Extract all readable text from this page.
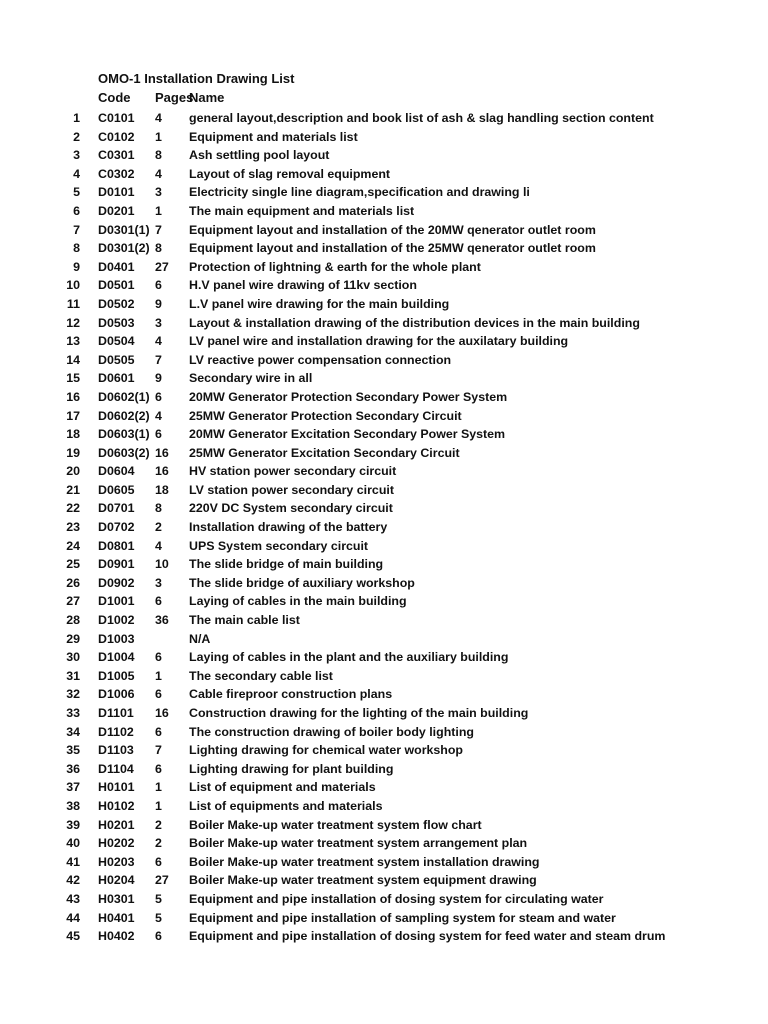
OMO-1 Installation Drawing List
Code Pages
Name
1 C0101 4 general layout,description and book list of ash & slag handling section content
2 C0102 1 Equipment and materials list
3 C0301 8 Ash settling pool layout
4 C0302 4 Layout of slag removal equipment
5 D0101 3 Electricity single line diagram,specification and drawing li
6 D0201 1 The main equipment and materials list
7 D0301(1) 7 Equipment layout and installation of the 20MW qenerator outlet room
8 D0301(2) 8 Equipment layout and installation of the 25MW qenerator outlet room
9 D0401 27 Protection of lightning & earth for the whole plant
10 D0501 6 H.V panel wire drawing of 11kv section
11 D0502 9 L.V panel wire drawing for the main building
12 D0503 3 Layout & installation drawing of the distribution devices in the main building
13 D0504 4 LV panel wire and installation drawing for the auxilatary building
14 D0505 7 LV reactive power compensation connection
15 D0601 9 Secondary wire in all
16 D0602(1) 6 20MW Generator Protection Secondary Power System
17 D0602(2) 4 25MW Generator Protection Secondary Circuit
18 D0603(1) 6 20MW Generator Excitation Secondary Power System
19 D0603(2) 16 25MW Generator Excitation Secondary Circuit
20 D0604 16 HV station power secondary circuit
21 D0605 18 LV station power secondary circuit
22 D0701 8 220V DC System secondary circuit
23 D0702 2 Installation drawing of the battery
24 D0801 4 UPS System secondary circuit
25 D0901 10 The slide bridge of main building
26 D0902 3 The slide bridge of auxiliary workshop
27 D1001 6 Laying of cables in the main building
28 D1002 36 The main cable list
29 D1003	N/A
30 D1004 6 Laying of cables in the plant and the auxiliary building
31 D1005 1 The secondary cable list
32 D1006 6 Cable fireproor construction plans
33 D1101 16 Construction drawing for the lighting of the main building
34 D1102 6 The construction drawing of boiler body lighting
35 D1103 7 Lighting drawing for chemical water workshop
36 D1104 6 Lighting drawing for plant building
37 H0101 1 List of equipment and materials
38 H0102 1 List of equipments and materials
39 H0201 2 Boiler Make-up water treatment system flow chart
40 H0202 2 Boiler Make-up water treatment system arrangement plan
41 H0203 6 Boiler Make-up water treatment system installation drawing
42 H0204 27 Boiler Make-up water treatment system equipment drawing
43 H0301 5 Equipment and pipe installation of dosing system for circulating water
44 H0401 5 Equipment and pipe installation of sampling system for steam and water
45 H0402 6 Equipment and pipe installation of dosing system for feed water and steam drum
